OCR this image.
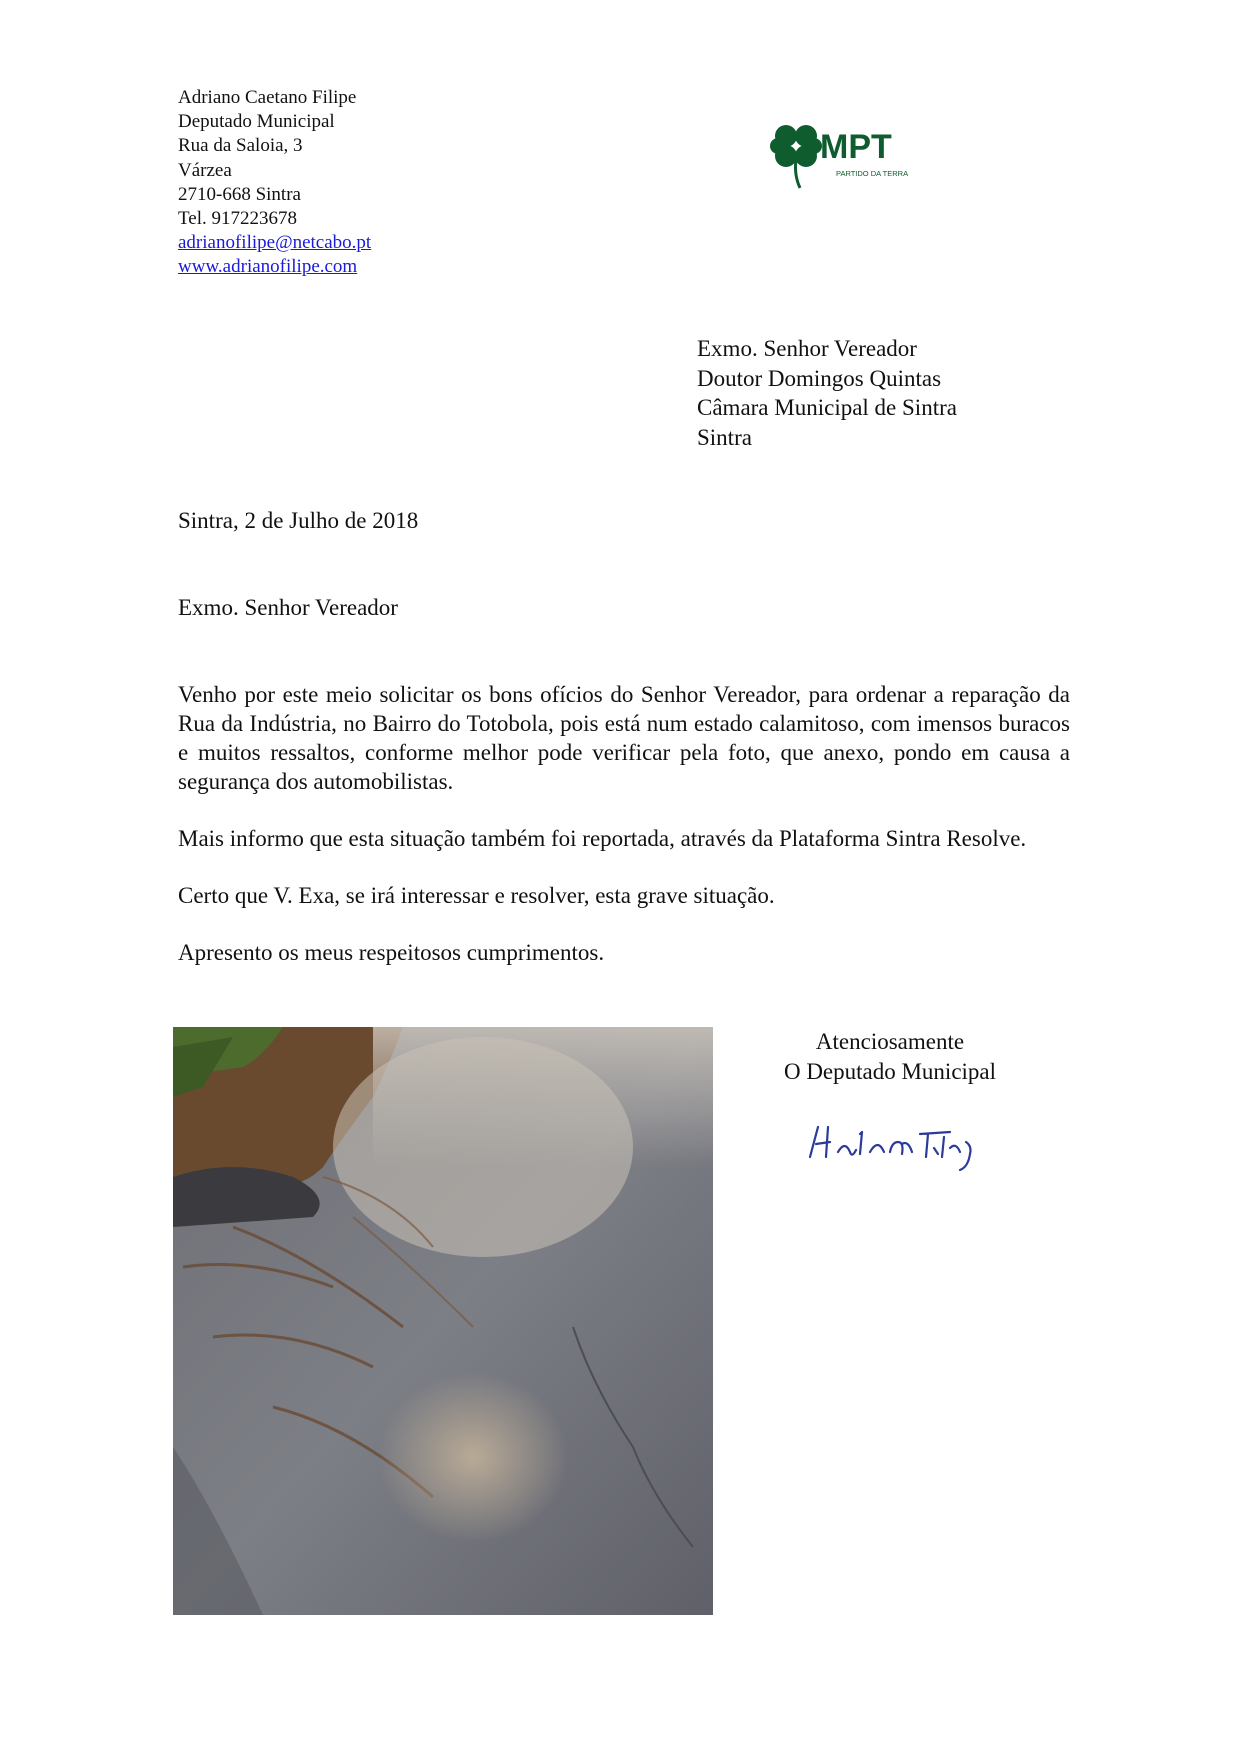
Adriano Caetano Filipe
Deputado Municipal
Rua da Saloia, 3
Várzea
2710-668 Sintra
Tel. 917223678
adrianofilipe@netcabo.pt
www.adrianofilipe.com
MPT
PARTIDO DA TERRA
Exmo. Senhor Vereador
Doutor Domingos Quintas
Câmara Municipal de Sintra
Sintra
Sintra, 2 de Julho de 2018
Exmo. Senhor Vereador

Venho por este meio solicitar os bons ofícios do Senhor Vereador, para ordenar a reparação da Rua da Indústria, no Bairro do Totobola, pois está num estado calamitoso, com imensos buracos e muitos ressaltos, conforme melhor pode verificar pela foto, que anexo, pondo em causa a segurança dos automobilistas.

Mais informo que esta situação também foi reportada, através da Plataforma Sintra Resolve.

Certo que V. Exa, se irá interessar e resolver, esta grave situação.

Apresento os meus respeitosos cumprimentos.

Atenciosamente
O Deputado Municipal
